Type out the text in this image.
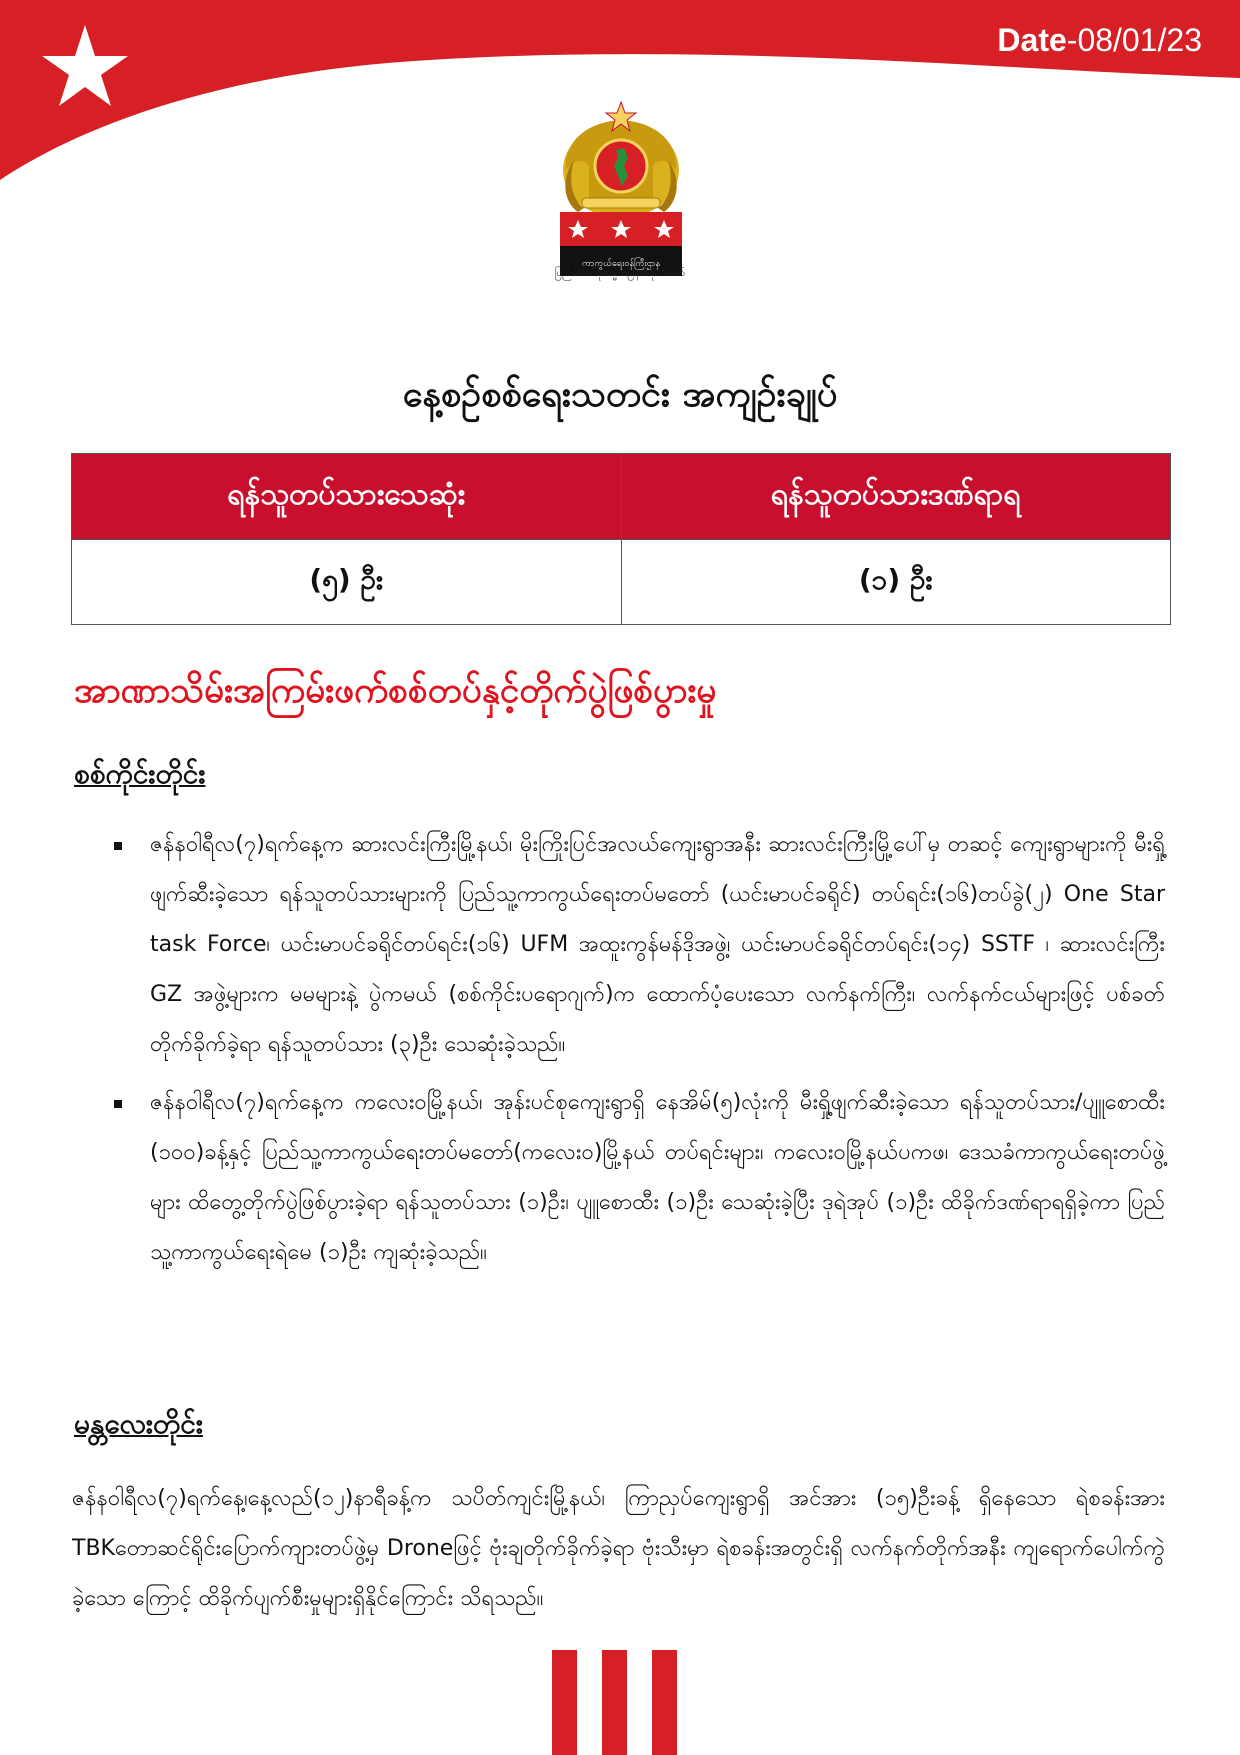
Date-08/01/23
ကာကွယ်ရေးဝန်ကြီးဌာန
ပြည်ထောင်စုသမ္မတမြန်မာနိုင်ငံတော်
နေ့စဉ်စစ်ရေးသတင်း အကျဉ်းချုပ်
ရန်သူတပ်သားသေဆုံး	ရန်သူတပ်သားဒဏ်ရာရ
(၅) ဦး	(၁) ဦး
အာဏာသိမ်းအကြမ်းဖက်စစ်တပ်နှင့်တိုက်ပွဲဖြစ်ပွားမှု
စစ်ကိုင်းတိုင်း
ဇန်နဝါရီလ(၇)ရက်နေ့က ဆားလင်းကြီးမြို့နယ်၊ မိုးကြိုးပြင်အလယ်ကျေးရွာအနီး ဆားလင်းကြီးမြို့ပေါ်မှ တဆင့် ကျေးရွာများကို မီးရှို့ဖျက်ဆီးခဲ့သော ရန်သူတပ်သားများကို ပြည်သူ့ကာကွယ်ရေးတပ်မတော် (ယင်းမာပင်ခရိုင်) တပ်ရင်း(၁၆)တပ်ခွဲ(၂) One Star task Force၊ ယင်းမာပင်ခရိုင်တပ်ရင်း(၁၆) UFM အထူးကွန်မန်ဒိုအဖွဲ့၊ ယင်းမာပင်ခရိုင်တပ်ရင်း(၁၄) SSTF ၊ ဆားလင်းကြီး GZ အဖွဲ့များက မမများနဲ့ ပွဲကမယ် (စစ်ကိုင်းပရောဂျက်)က ထောက်ပံ့ပေးသော လက်နက်ကြီး၊ လက်နက်ငယ်များဖြင့် ပစ်ခတ်တိုက်ခိုက်ခဲ့ရာ ရန်သူတပ်သား (၃)ဦး သေဆုံးခဲ့သည်။
ဇန်နဝါရီလ(၇)ရက်နေ့က ကလေးဝမြို့နယ်၊ အုန်းပင်စုကျေးရွာရှိ နေအိမ်(၅)လုံးကို မီးရှို့ဖျက်ဆီးခဲ့သော ရန်သူတပ်သား/ပျူစောထီး (၁၀၀)ခန့်နှင့် ပြည်သူ့ကာကွယ်ရေးတပ်မတော်(ကလေးဝ)မြို့နယ် တပ်ရင်းများ၊ ကလေးဝမြို့နယ်ပကဖ၊ ဒေသခံကာကွယ်ရေးတပ်ဖွဲ့များ ထိတွေ့တိုက်ပွဲဖြစ်ပွားခဲ့ရာ ရန်သူတပ်သား (၁)ဦး၊ ပျူစောထီး (၁)ဦး သေဆုံးခဲ့ပြီး ဒုရဲအုပ် (၁)ဦး ထိခိုက်ဒဏ်ရာရရှိခဲ့ကာ ပြည်သူ့ကာကွယ်ရေးရဲမေ (၁)ဦး ကျဆုံးခဲ့သည်။
မန္တလေးတိုင်း
ဇန်နဝါရီလ(၇)ရက်နေ့၊နေ့လည်(၁၂)နာရီခန့်က သပိတ်ကျင်းမြို့နယ်၊ ကြာညှပ်ကျေးရွာရှိ အင်အား (၁၅)ဦးခန့် ရှိနေသော ရဲစခန်းအား TBKတောဆင်ရိုင်းပြောက်ကျားတပ်ဖွဲ့မှ Droneဖြင့် ဗုံးချတိုက်ခိုက်ခဲ့ရာ ဗုံးသီးမှာ ရဲစခန်းအတွင်းရှိ လက်နက်တိုက်အနီး ကျရောက်ပေါက်ကွဲခဲ့သော ကြောင့် ထိခိုက်ပျက်စီးမှုများရှိနိုင်ကြောင်း သိရသည်။
